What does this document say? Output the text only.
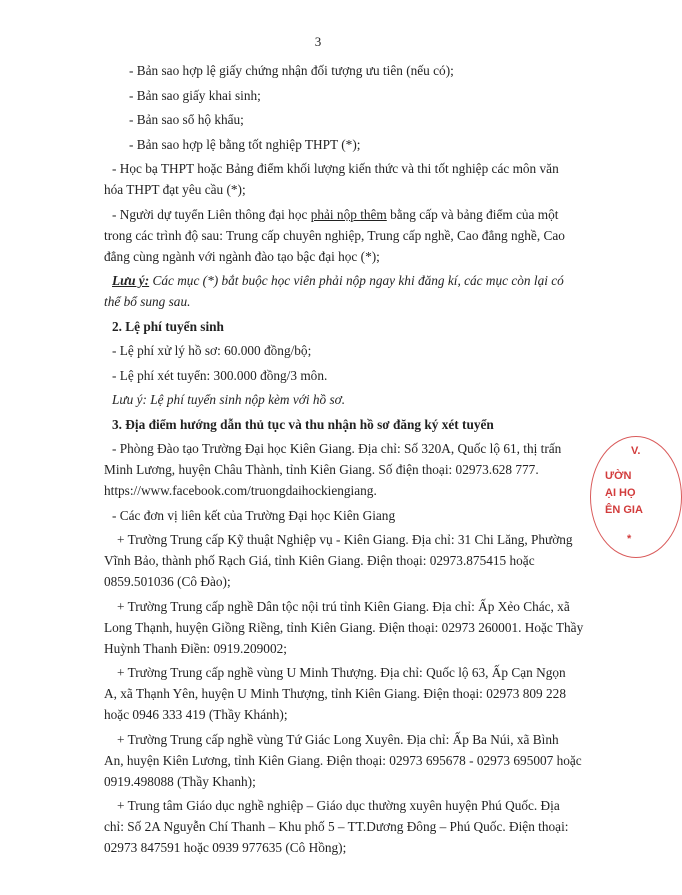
3

- Bản sao hợp lệ giấy chứng nhận đối tượng ưu tiên (nếu có);

- Bản sao giấy khai sinh;

- Bản sao sổ hộ khẩu;

- Bản sao hợp lệ bằng tốt nghiệp THPT (*);

- Học bạ THPT hoặc Bảng điểm khối lượng kiến thức và thi tốt nghiệp các môn văn

hóa THPT đạt yêu cầu (*);

- Người dự tuyển Liên thông đại học phải nộp thêm bằng cấp và bảng điểm của một

trong các trình độ sau: Trung cấp chuyên nghiệp, Trung cấp nghề, Cao đẳng nghề, Cao

đẳng cùng ngành với ngành đào tạo bậc đại học (*);

Lưu ý: Các mục (*) bắt buộc học viên phải nộp ngay khi đăng kí, các mục còn lại có

thể bổ sung sau.

2. Lệ phí tuyển sinh

- Lệ phí xử lý hồ sơ: 60.000 đồng/bộ;

- Lệ phí xét tuyển: 300.000 đồng/3 môn.

Lưu ý: Lệ phí tuyển sinh nộp kèm với hồ sơ.

3. Địa điểm hướng dẫn thủ tục và thu nhận hồ sơ đăng ký xét tuyển

- Phòng Đào tạo Trường Đại học Kiên Giang. Địa chỉ: Số 320A, Quốc lộ 61, thị trấn

Minh Lương, huyện Châu Thành, tỉnh Kiên Giang. Số điện thoại: 02973.628 777.

https://www.facebook.com/truongdaihockiengiang.

- Các đơn vị liên kết của Trường Đại học Kiên Giang

+ Trường Trung cấp Kỹ thuật Nghiệp vụ - Kiên Giang. Địa chỉ: 31 Chi Lăng, Phường

Vĩnh Bảo, thành phố Rạch Giá, tỉnh Kiên Giang. Điện thoại: 02973.875415 hoặc

0859.501036 (Cô Đào);

+ Trường Trung cấp nghề Dân tộc nội trú tỉnh Kiên Giang. Địa chỉ: Ấp Xẻo Chác, xã

Long Thạnh, huyện Giồng Riềng, tỉnh Kiên Giang. Điện thoại: 02973 260001. Hoặc Thầy

Huỳnh Thanh Điền: 0919.209002;

+ Trường Trung cấp nghề vùng U Minh Thượng. Địa chỉ: Quốc lộ 63, Ấp Cạn Ngọn

A, xã Thạnh Yên, huyện U Minh Thượng, tỉnh Kiên Giang. Điện thoại: 02973 809 228

hoặc 0946 333 419 (Thầy Khánh);

+ Trường Trung cấp nghề vùng Tứ Giác Long Xuyên. Địa chỉ: Ấp Ba Núi, xã Bình

An, huyện Kiên Lương, tỉnh Kiên Giang. Điện thoại: 02973 695678 - 02973 695007 hoặc

0919.498088 (Thầy Khanh);

+ Trung tâm Giáo dục nghề nghiệp – Giáo dục thường xuyên huyện Phú Quốc. Địa

chỉ: Số 2A Nguyễn Chí Thanh – Khu phố 5 – TT.Dương Đông – Phú Quốc. Điện thoại:

02973 847591 hoặc 0939 977635 (Cô Hồng);

V.
ƯỜN
ẠI HỌ
ÊN GIA
*
